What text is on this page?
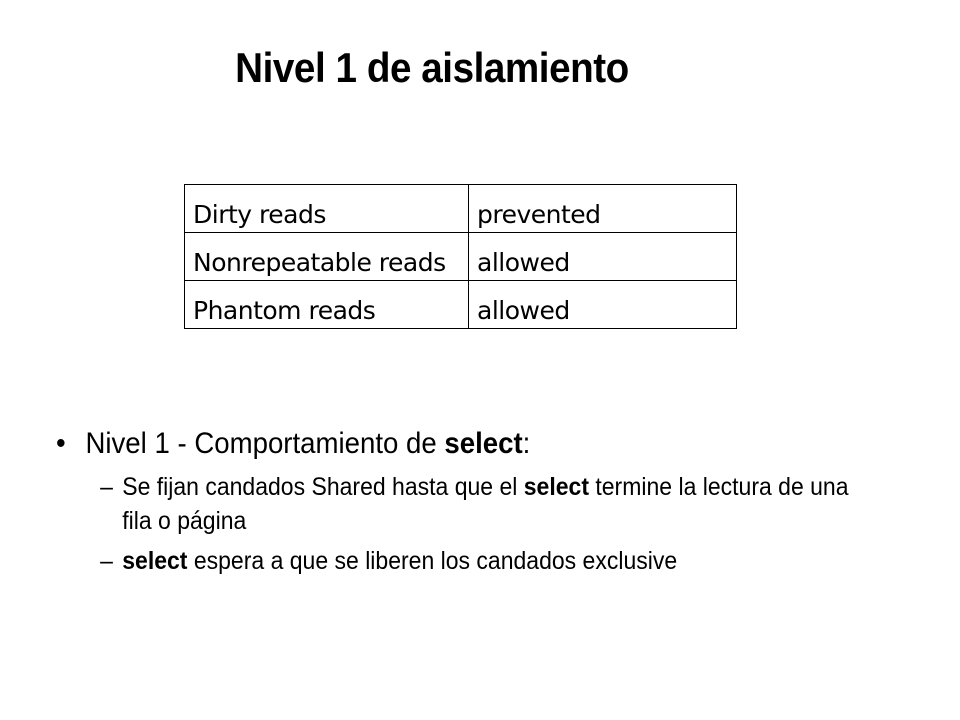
Nivel 1 de aislamiento
Dirty reads	prevented
Nonrepeatable reads	allowed
Phantom reads	allowed
• Nivel 1 - Comportamiento de select:
– Se fijan candados Shared hasta que el select termine la lectura de una fila o página
– select espera a que se liberen los candados exclusive
